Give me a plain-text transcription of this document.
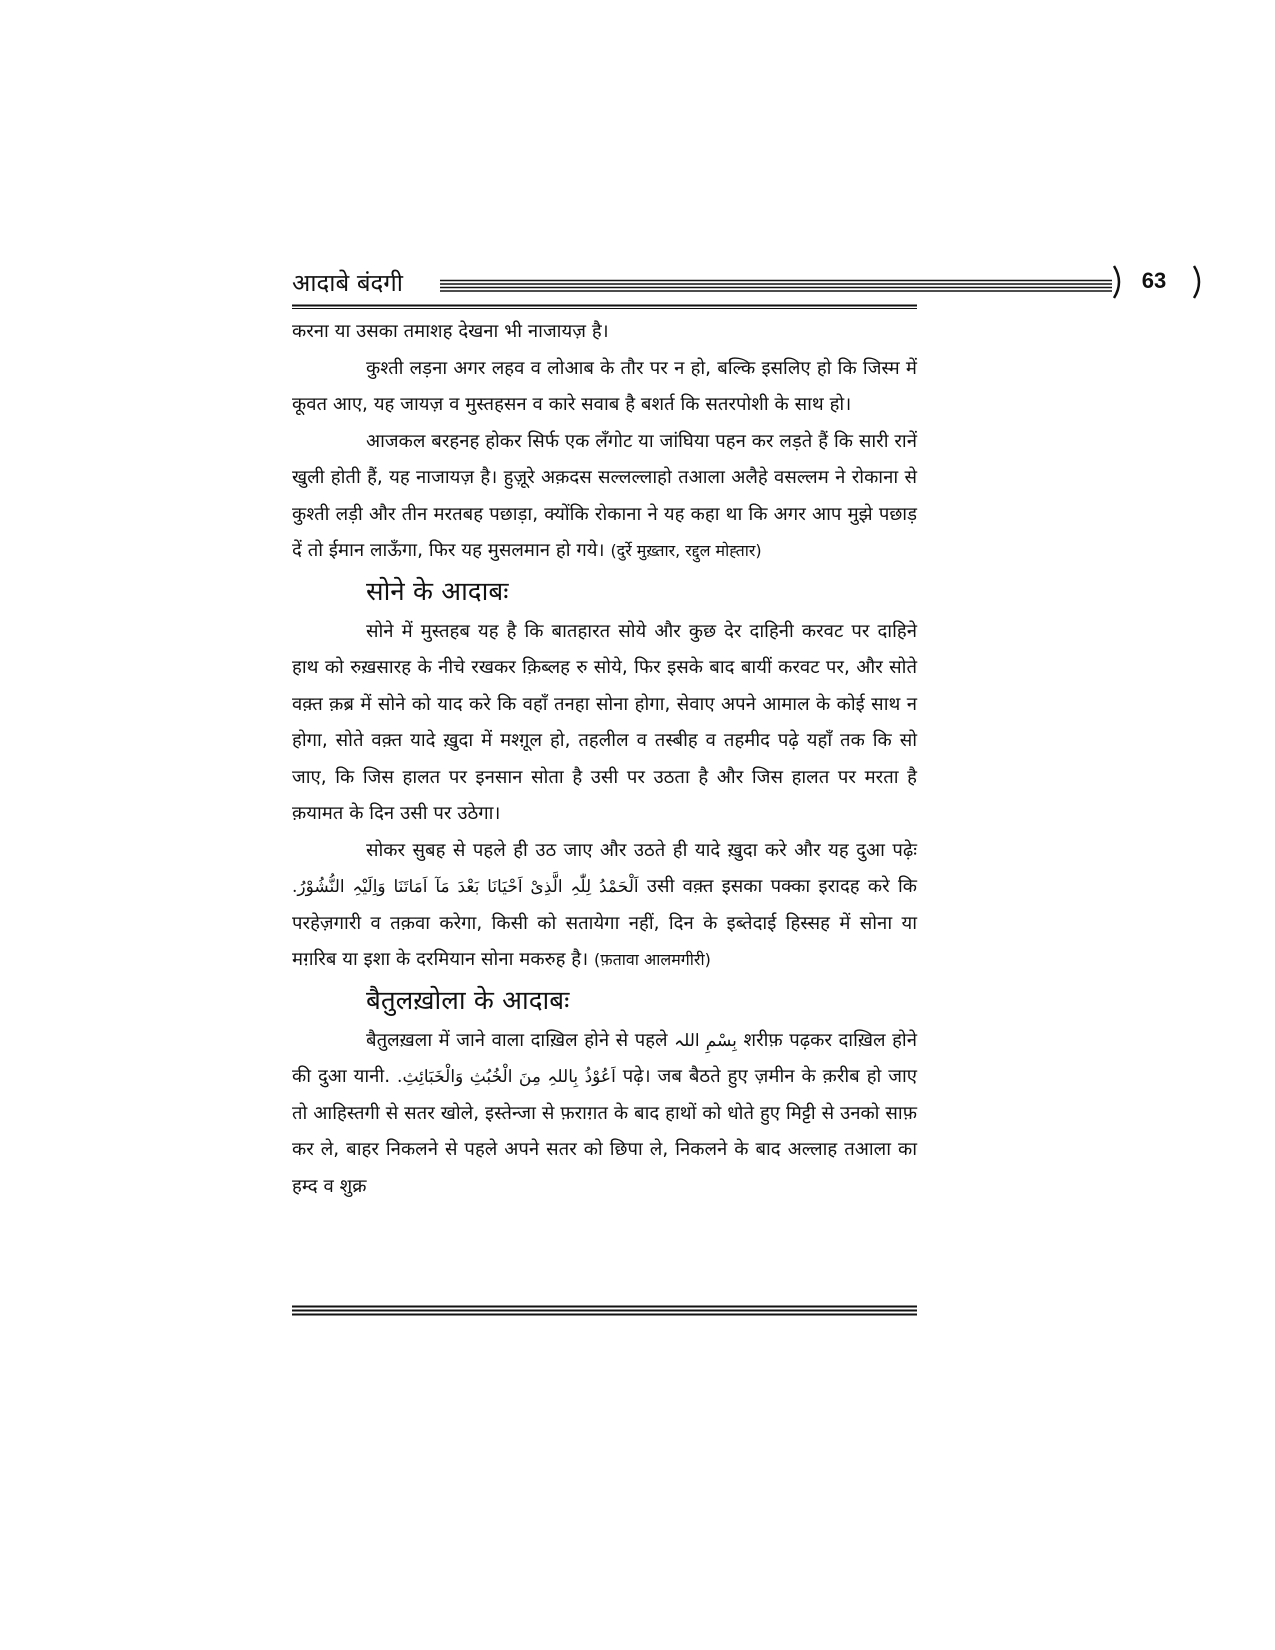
आदाबे बंदगी	63

करना या उसका तमाशह देखना भी नाजायज़ है।

कुश्ती लड़ना अगर लहव व लोआब के तौर पर न हो, बल्कि इसलिए हो कि जिस्म में कूवत आए, यह जायज़ व मुस्तहसन व कारे सवाब है बशर्त कि सतरपोशी के साथ हो।

आजकल बरहनह होकर सिर्फ एक लँगोट या जांघिया पहन कर लड़ते हैं कि सारी रानें खुली होती हैं, यह नाजायज़ है। हुज़ूरे अक़दस सल्लल्लाहो तआला अलैहे वसल्लम ने रोकाना से कुश्ती लड़ी और तीन मरतबह पछाड़ा, क्योंकि रोकाना ने यह कहा था कि अगर आप मुझे पछाड़ दें तो ईमान लाऊँगा, फिर यह मुसलमान हो गये। (दुर्रे मुख़्तार, रद्दुल मोह्तार)

सोने के आदाबः

सोने में मुस्तहब यह है कि बातहारत सोये और कुछ देर दाहिनी करवट पर दाहिने हाथ को रुख़सारह के नीचे रखकर क़िब्लह रु सोये, फिर इसके बाद बायीं करवट पर, और सोते वक़्त क़ब्र में सोने को याद करे कि वहाँ तनहा सोना होगा, सेवाए अपने आमाल के कोई साथ न होगा, सोते वक़्त यादे ख़ुदा में मश्ग़ूल हो, तहलील व तस्बीह व तहमीद पढ़े यहाँ तक कि सो जाए, कि जिस हालत पर इनसान सोता है उसी पर उठता है और जिस हालत पर मरता है क़यामत के दिन उसी पर उठेगा।

सोकर सुबह से पहले ही उठ जाए और उठते ही यादे ख़ुदा करे और यह दुआ पढ़ेः اَلْحَمْدُ لِلّٰہِ الَّذِیْ اَحْیَانَا بَعْدَ مَآ اَمَاتَنَا وَاِلَیْہِ النُّشُوْرُ. उसी वक़्त इसका पक्का इरादह करे कि परहेज़गारी व तक़वा करेगा, किसी को सतायेगा नहीं, दिन के इब्तेदाई हिस्सह में सोना या मग़रिब या इशा के दरमियान सोना मकरुह है। (फ़तावा आलमगीरी)

बैतुलख़ोला के आदाबः

बैतुलख़ला में जाने वाला दाख़िल होने से पहले بِسْمِ اللہ शरीफ़ पढ़कर दाख़िल होने की दुआ यानी. اَعُوْذُ بِاللہِ مِنَ الْخُبُثِ وَالْخَبَائِثِ. पढ़े। जब बैठते हुए ज़मीन के क़रीब हो जाए तो आहिस्तगी से सतर खोले, इस्तेन्जा से फ़राग़त के बाद हाथों को धोते हुए मिट्टी से उनको साफ़ कर ले, बाहर निकलने से पहले अपने सतर को छिपा ले, निकलने के बाद अल्लाह तआला का हम्द व शुक्र
